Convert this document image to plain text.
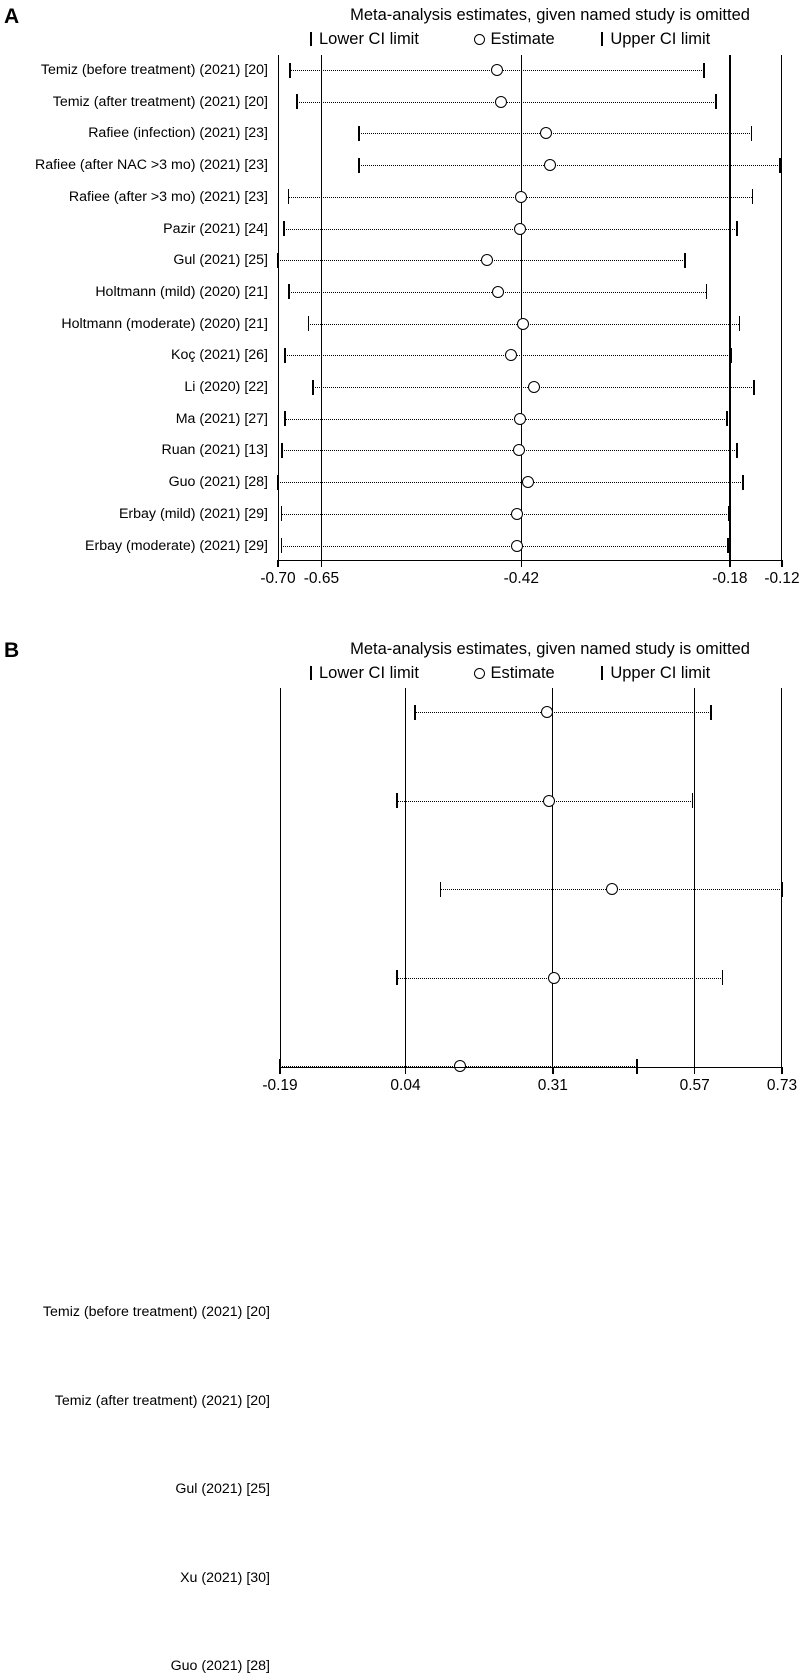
A	Meta-analysis estimates, given named study is omitted
Lower CI limit	Estimate	Upper CI limit
Temiz (before treatment) (2021) [20]
Temiz (after treatment) (2021) [20]
Rafiee (infection) (2021) [23]
Rafiee (after NAC >3 mo) (2021) [23]
Rafiee (after >3 mo) (2021) [23]
Pazir (2021) [24]
Gul (2021) [25]
Holtmann (mild) (2020) [21]
Holtmann (moderate) (2020) [21]
Koç (2021) [26]
Li (2020) [22]
Ma (2021) [27]
Ruan (2021) [13]
Guo (2021) [28]
Erbay (mild) (2021) [29]
Erbay (moderate) (2021) [29]
-0.70 -0.65	-0.42	-0.18 -0.12
B	Meta-analysis estimates, given named study is omitted
Lower CI limit	Estimate	Upper CI limit
Temiz (before treatment) (2021) [20]
Temiz (after treatment) (2021) [20]
Gul (2021) [25]
Xu (2021) [30]
Guo (2021) [28]
-0.19	0.04	0.31	0.57	0.73
